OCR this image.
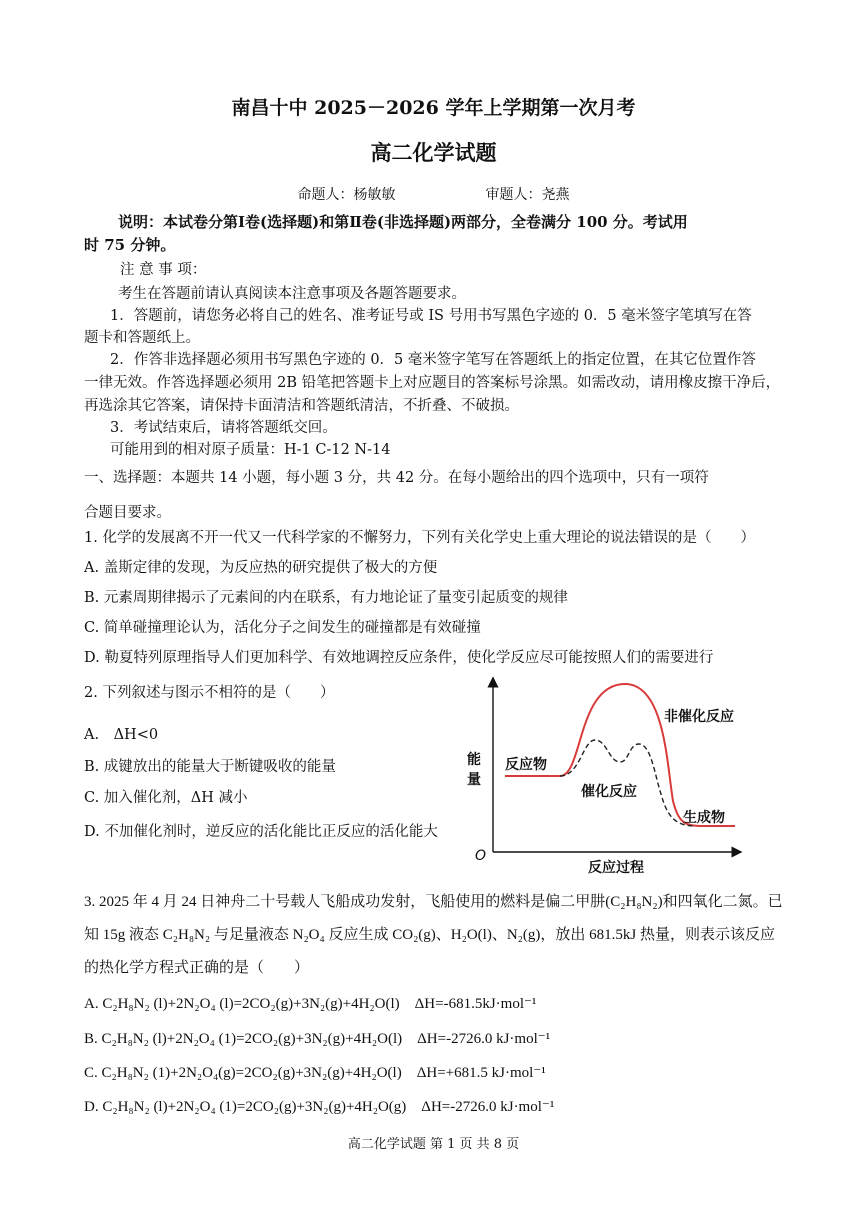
南昌十中 2025－2026 学年上学期第一次月考
高二化学试题
命题人：杨敏敏	审题人：尧燕
说明：本试卷分第Ⅰ卷(选择题)和第Ⅱ卷(非选择题)两部分，全卷满分 100 分。考试用
时 75 分钟。
注 意 事 项：
考生在答题前请认真阅读本注意事项及各题答题要求。
1．答题前，请您务必将自己的姓名、准考证号或 IS 号用书写黑色字迹的 0．5 毫米签字笔填写在答
题卡和答题纸上。
2．作答非选择题必须用书写黑色字迹的 0．5 毫米签字笔写在答题纸上的指定位置，在其它位置作答
一律无效。作答选择题必须用 2B 铅笔把答题卡上对应题目的答案标号涂黑。如需改动，请用橡皮擦干净后，
再选涂其它答案，请保持卡面清洁和答题纸清洁，不折叠、不破损。
3．考试结束后，请将答题纸交回。
可能用到的相对原子质量：H-1 C-12 N-14
一、选择题：本题共 14 小题，每小题 3 分，共 42 分。在每小题给出的四个选项中，只有一项符
合题目要求。
1. 化学的发展离不开一代又一代科学家的不懈努力，下列有关化学史上重大理论的说法错误的是（　　）
A. 盖斯定律的发现，为反应热的研究提供了极大的方便
B. 元素周期律揭示了元素间的内在联系，有力地论证了量变引起质变的规律
C. 简单碰撞理论认为，活化分子之间发生的碰撞都是有效碰撞
D. 勒夏特列原理指导人们更加科学、有效地调控反应条件，使化学反应尽可能按照人们的需要进行
2. 下列叙述与图示不相符的是（　　）
A.　ΔH<0
B. 成键放出的能量大于断键吸收的能量
C. 加入催化剂，ΔH 减小
D. 不加催化剂时，逆反应的活化能比正反应的活化能大
能
量
O
反应过程
反应物
生成物
非催化反应
催化反应
3. 2025 年 4 月 24 日神舟二十号载人飞船成功发射，飞船使用的燃料是偏二甲肼(C₂H₈N₂)和四氧化二氮。已
知 15g 液态 C₂H₈N₂ 与足量液态 N₂O₄ 反应生成 CO₂(g)、H₂O(l)、N₂(g)，放出 681.5kJ 热量，则表示该反应
的热化学方程式正确的是（　　）
A. C₂H₈N₂ (l)+2N₂O₄ (l)=2CO₂(g)+3N₂(g)+4H₂O(l)　ΔH=-681.5kJ·mol⁻¹
B. C₂H₈N₂ (l)+2N₂O₄ (1)=2CO₂(g)+3N₂(g)+4H₂O(l)　ΔH=-2726.0 kJ·mol⁻¹
C. C₂H₈N₂ (1)+2N₂O₄(g)=2CO₂(g)+3N₂(g)+4H₂O(l)　ΔH=+681.5 kJ·mol⁻¹
D. C₂H₈N₂ (l)+2N₂O₄ (1)=2CO₂(g)+3N₂(g)+4H₂O(g)　ΔH=-2726.0 kJ·mol⁻¹
高二化学试题 第 1 页 共 8 页
